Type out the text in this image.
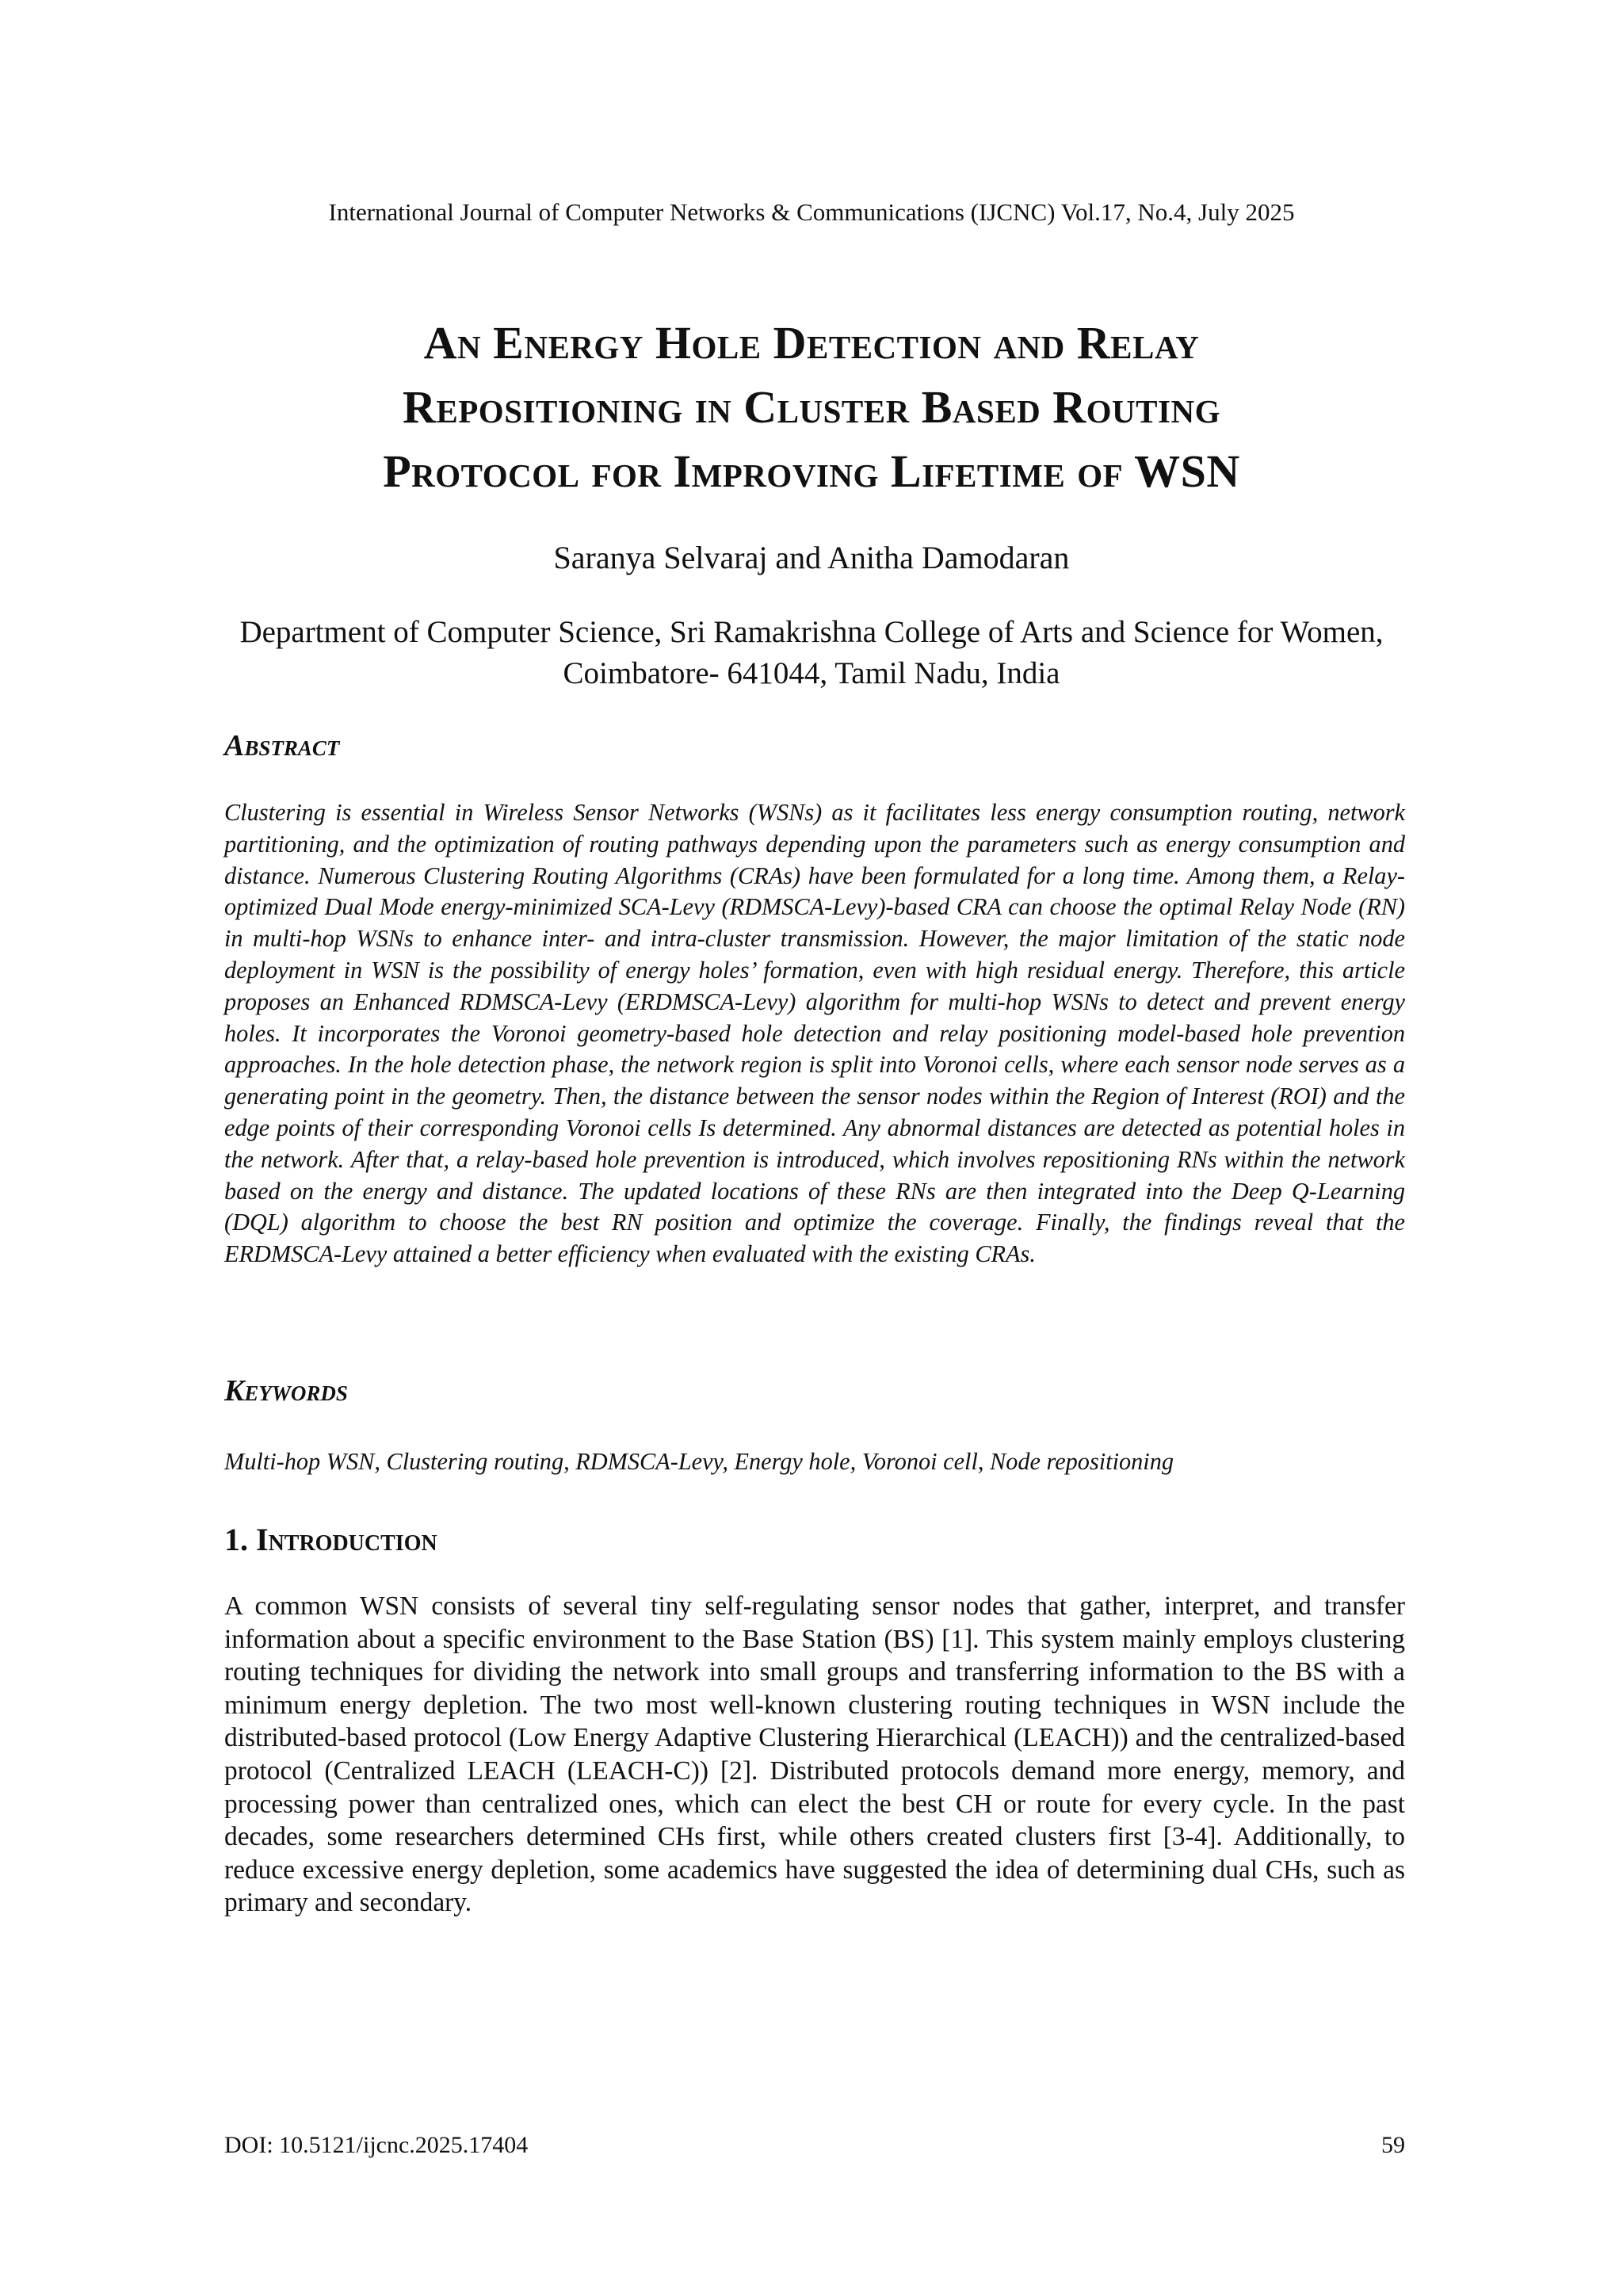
International Journal of Computer Networks & Communications (IJCNC) Vol.17, No.4, July 2025
An Energy Hole Detection and Relay
Repositioning in Cluster Based Routing
Protocol for Improving Lifetime of WSN
Saranya Selvaraj and Anitha Damodaran
Department of Computer Science, Sri Ramakrishna College of Arts and Science for Women, Coimbatore- 641044, Tamil Nadu, India
Abstract
Clustering is essential in Wireless Sensor Networks (WSNs) as it facilitates less energy consumption routing, network partitioning, and the optimization of routing pathways depending upon the parameters such as energy consumption and distance. Numerous Clustering Routing Algorithms (CRAs) have been formulated for a long time. Among them, a Relay-optimized Dual Mode energy-minimized SCA-Levy (RDMSCA-Levy)-based CRA can choose the optimal Relay Node (RN) in multi-hop WSNs to enhance inter- and intra-cluster transmission. However, the major limitation of the static node deployment in WSN is the possibility of energy holes’ formation, even with high residual energy. Therefore, this article proposes an Enhanced RDMSCA-Levy (ERDMSCA-Levy) algorithm for multi-hop WSNs to detect and prevent energy holes. It incorporates the Voronoi geometry-based hole detection and relay positioning model-based hole prevention approaches. In the hole detection phase, the network region is split into Voronoi cells, where each sensor node serves as a generating point in the geometry. Then, the distance between the sensor nodes within the Region of Interest (ROI) and the edge points of their corresponding Voronoi cells Is determined. Any abnormal distances are detected as potential holes in the network. After that, a relay-based hole prevention is introduced, which involves repositioning RNs within the network based on the energy and distance. The updated locations of these RNs are then integrated into the Deep Q-Learning (DQL) algorithm to choose the best RN position and optimize the coverage. Finally, the findings reveal that the ERDMSCA-Levy attained a better efficiency when evaluated with the existing CRAs.
Keywords
Multi-hop WSN, Clustering routing, RDMSCA-Levy, Energy hole, Voronoi cell, Node repositioning
1. Introduction
A common WSN consists of several tiny self-regulating sensor nodes that gather, interpret, and transfer information about a specific environment to the Base Station (BS) [1]. This system mainly employs clustering routing techniques for dividing the network into small groups and transferring information to the BS with a minimum energy depletion. The two most well-known clustering routing techniques in WSN include the distributed-based protocol (Low Energy Adaptive Clustering Hierarchical (LEACH)) and the centralized-based protocol (Centralized LEACH (LEACH-C)) [2]. Distributed protocols demand more energy, memory, and processing power than centralized ones, which can elect the best CH or route for every cycle. In the past decades, some researchers determined CHs first, while others created clusters first [3-4]. Additionally, to reduce excessive energy depletion, some academics have suggested the idea of determining dual CHs, such as primary and secondary.
DOI: 10.5121/ijcnc.2025.17404	59
